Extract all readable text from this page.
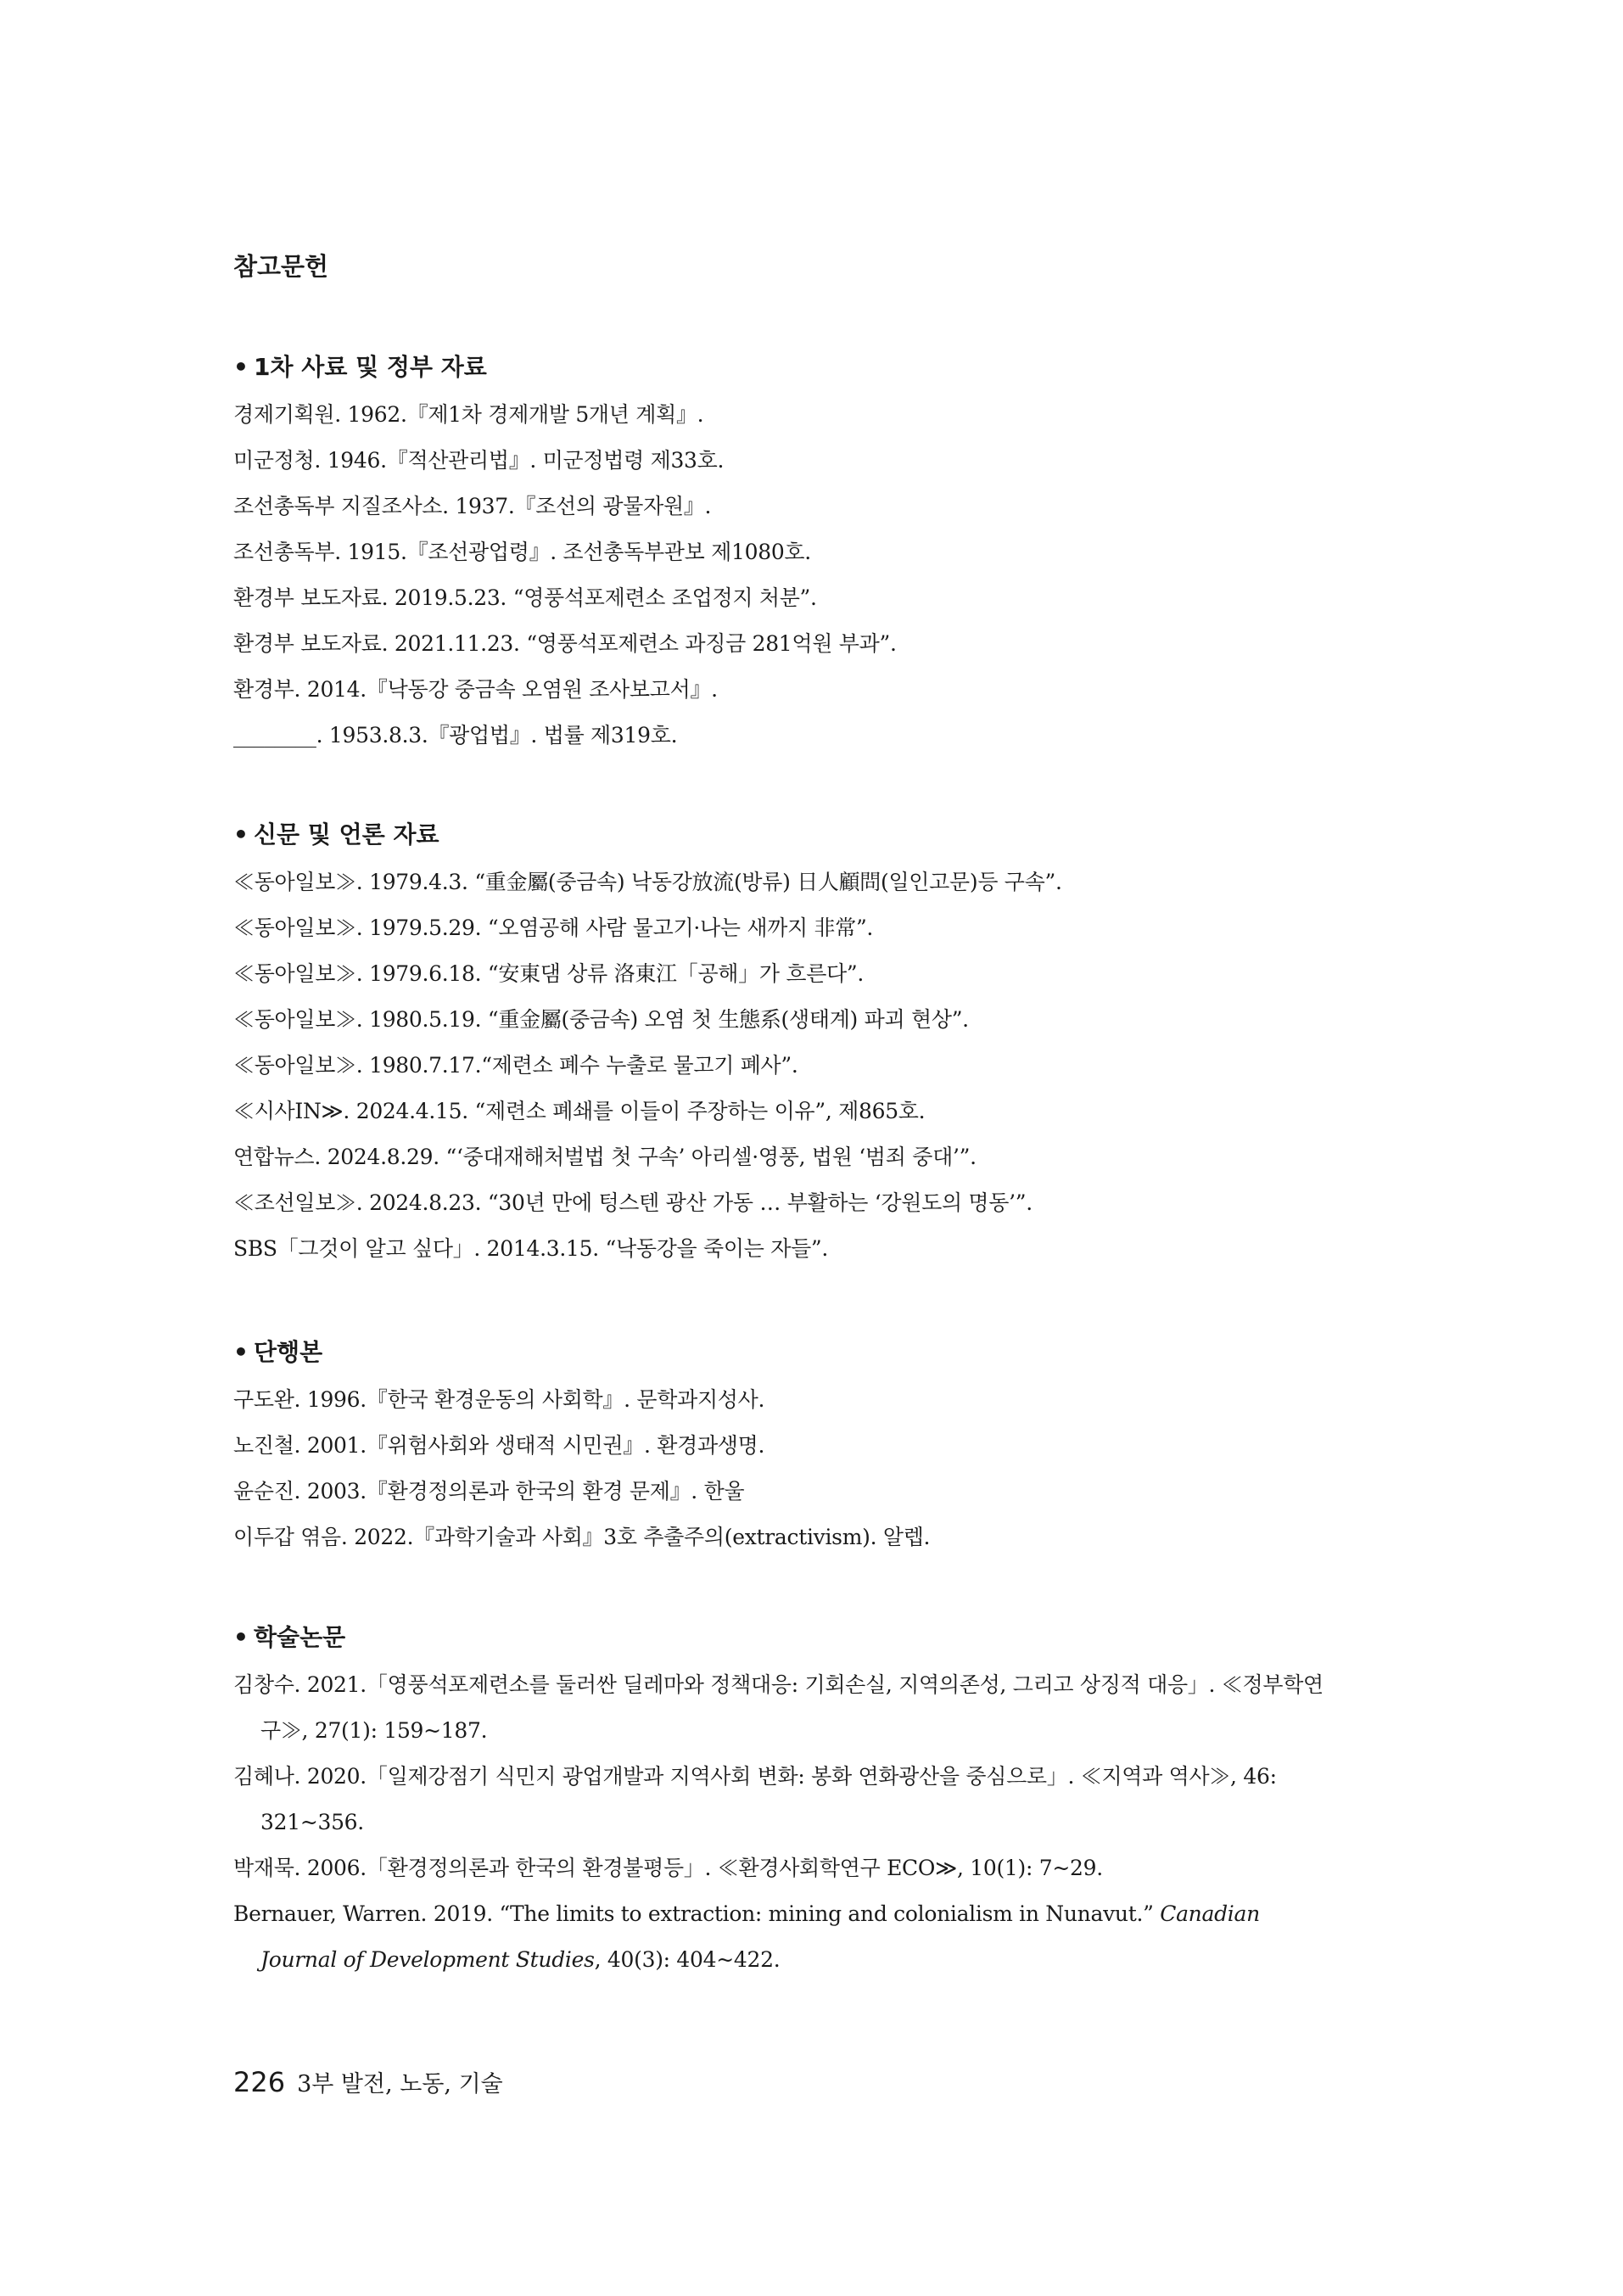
참고문헌
• 1차 사료 및 정부 자료
경제기획원. 1962.『제1차 경제개발 5개년 계획』.
미군정청. 1946.『적산관리법』. 미군정법령 제33호.
조선총독부 지질조사소. 1937.『조선의 광물자원』.
조선총독부. 1915.『조선광업령』. 조선총독부관보 제1080호.
환경부 보도자료. 2019.5.23. “영풍석포제련소 조업정지 처분”.
환경부 보도자료. 2021.11.23. “영풍석포제련소 과징금 281억원 부과”.
환경부. 2014.『낙동강 중금속 오염원 조사보고서』.
________. 1953.8.3.『광업법』. 법률 제319호.
• 신문 및 언론 자료
≪동아일보≫. 1979.4.3. “重金屬(중금속) 낙동강放流(방류) 日人顧問(일인고문)등 구속”.
≪동아일보≫. 1979.5.29. “오염공해 사람 물고기·나는 새까지 非常”.
≪동아일보≫. 1979.6.18. “安東댐 상류 洛東江「공해」가 흐른다”.
≪동아일보≫. 1980.5.19. “重金屬(중금속) 오염 첫 生態系(생태계) 파괴 현상”.
≪동아일보≫. 1980.7.17.“제련소 폐수 누출로 물고기 폐사”.
≪시사IN≫. 2024.4.15. “제련소 폐쇄를 이들이 주장하는 이유”, 제865호.
연합뉴스. 2024.8.29. “‘중대재해처벌법 첫 구속’ 아리셀·영풍, 법원 ‘범죄 중대’”.
≪조선일보≫. 2024.8.23. “30년 만에 텅스텐 광산 가동 … 부활하는 ‘강원도의 명동’”.
SBS「그것이 알고 싶다」. 2014.3.15. “낙동강을 죽이는 자들”.
• 단행본
구도완. 1996.『한국 환경운동의 사회학』. 문학과지성사.
노진철. 2001.『위험사회와 생태적 시민권』. 환경과생명.
윤순진. 2003.『환경정의론과 한국의 환경 문제』. 한울
이두갑 엮음. 2022.『과학기술과 사회』3호 추출주의(extractivism). 알렙.
• 학술논문
김창수. 2021.「영풍석포제련소를 둘러싼 딜레마와 정책대응: 기회손실, 지역의존성, 그리고 상징적 대응」. ≪정부학연구≫, 27(1): 159~187.
김혜나. 2020.「일제강점기 식민지 광업개발과 지역사회 변화: 봉화 연화광산을 중심으로」. ≪지역과 역사≫, 46: 321~356.
박재묵. 2006.「환경정의론과 한국의 환경불평등」. ≪환경사회학연구 ECO≫, 10(1): 7~29.
Bernauer, Warren. 2019. “The limits to extraction: mining and colonialism in Nunavut.” Canadian Journal of Development Studies, 40(3): 404~422.
226 3부 발전, 노동, 기술
